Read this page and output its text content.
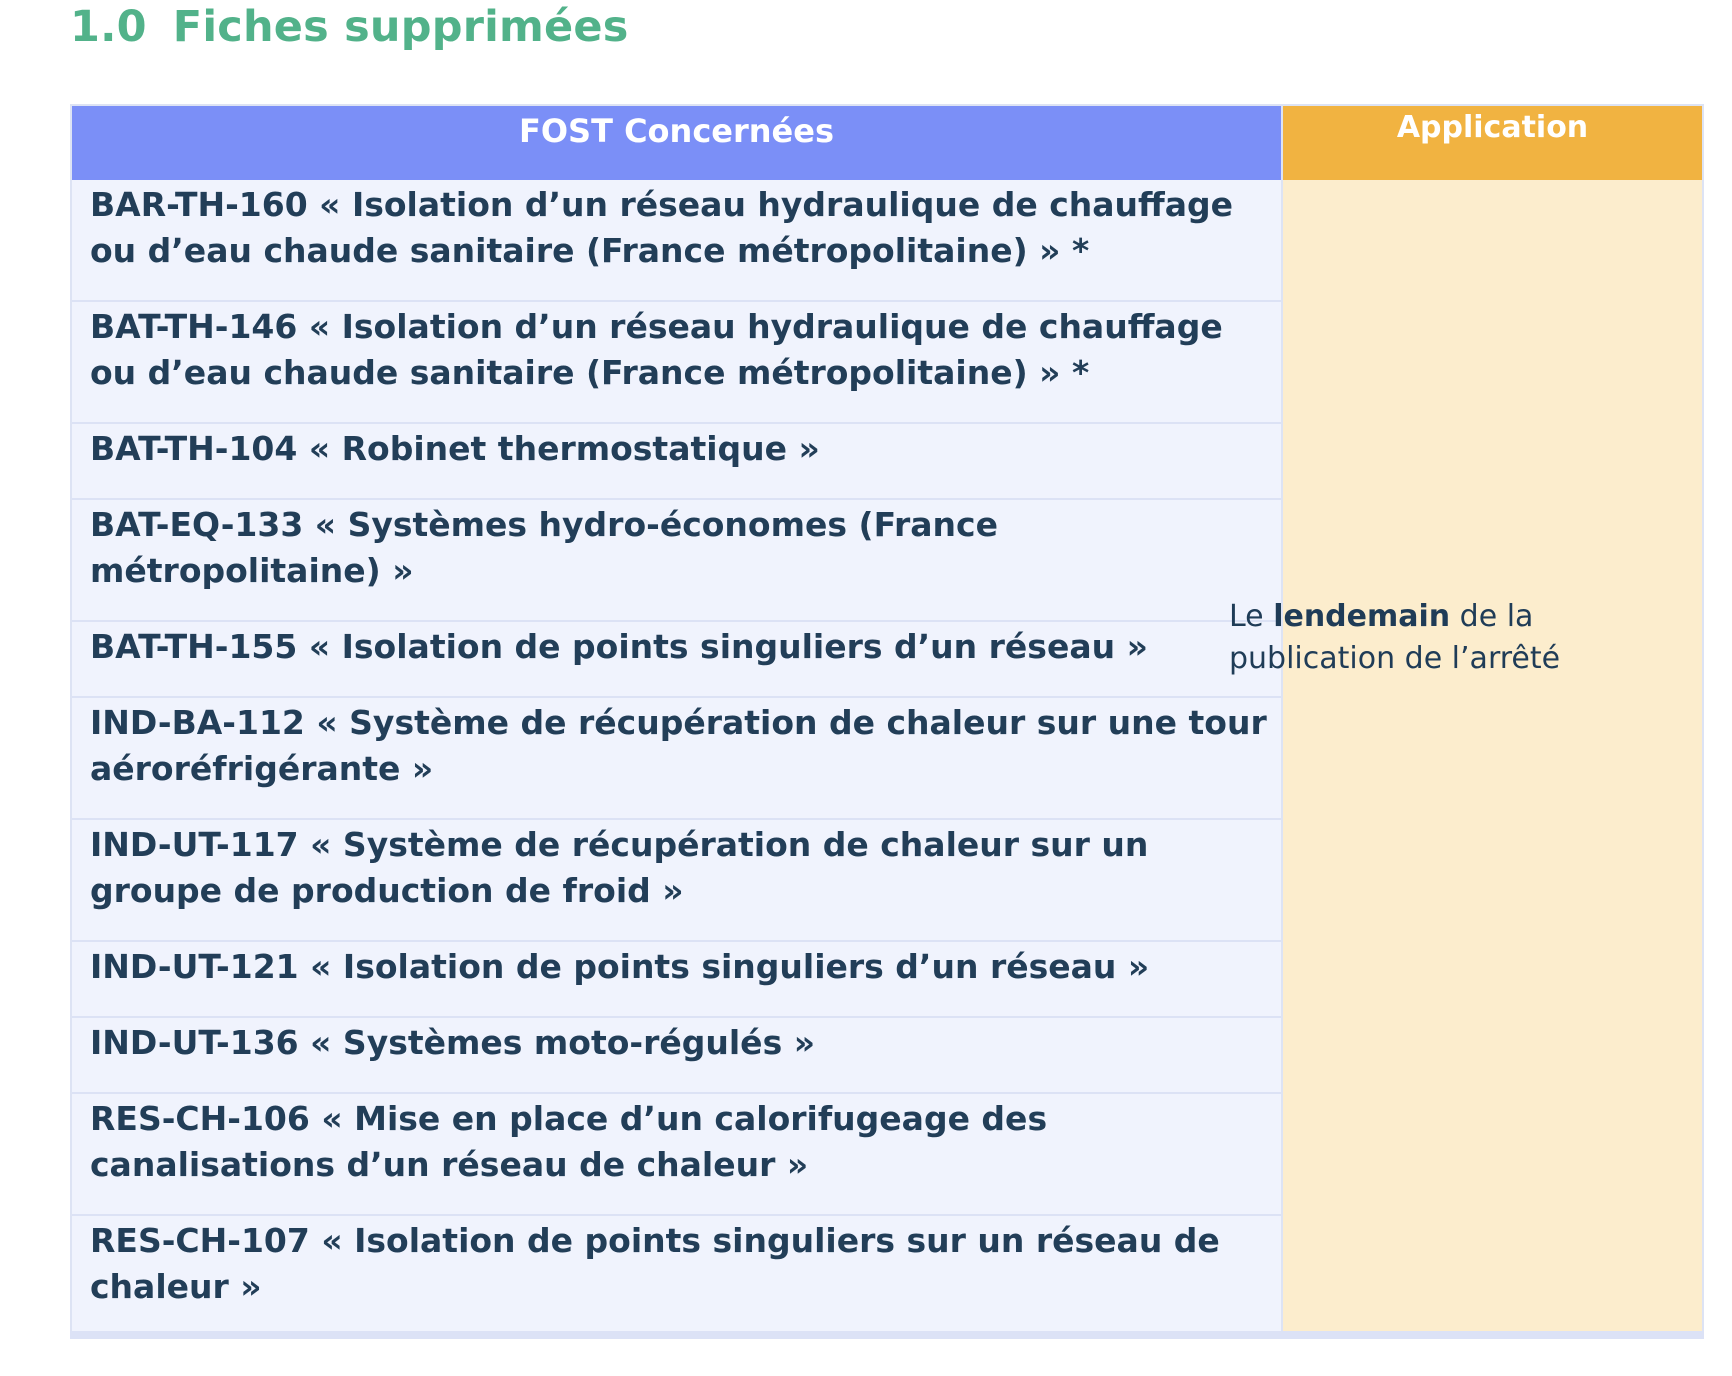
1.0 Fiches supprimées
FOST Concernées	Application
BAR-TH-160 « Isolation d’un réseau hydraulique de chauffage ou d’eau chaude sanitaire (France métropolitaine) » *
BAT-TH-146 « Isolation d’un réseau hydraulique de chauffage ou d’eau chaude sanitaire (France métropolitaine) » *
BAT-TH-104 « Robinet thermostatique »
BAT-EQ-133 « Systèmes hydro-économes (France métropolitaine) »
BAT-TH-155 « Isolation de points singuliers d’un réseau »
IND-BA-112 « Système de récupération de chaleur sur une tour aéroréfrigérante »
IND-UT-117 « Système de récupération de chaleur sur un groupe de production de froid »
IND-UT-121 « Isolation de points singuliers d’un réseau »
IND-UT-136 « Systèmes moto-régulés »
RES-CH-106 « Mise en place d’un calorifugeage des canalisations d’un réseau de chaleur »
RES-CH-107 « Isolation de points singuliers sur un réseau de chaleur »
Le lendemain de la publication de l’arrêté
